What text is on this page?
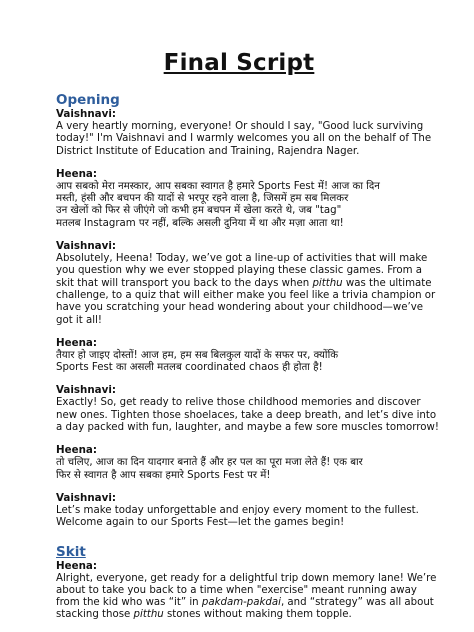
Final Script
Opening

Vaishnavi:

A very heartly morning, everyone! Or should I say, "Good luck surviving

today!" I'm Vaishnavi and I warmly welcomes you all on the behalf of The

District Institute of Education and Training, Rajendra Nager.

Heena:

आप सबको मेरा नमस्कार, आप सबका स्वागत है हमारे Sports Fest में! आज का दिन

मस्ती, हंसी और बचपन की यादों से भरपूर रहने वाला है, जिसमें हम सब मिलकर

उन खेलों को फिर से जीएंगे जो कभी हम बचपन में खेला करते थे, जब "tag"

मतलब Instagram पर नहीं, बल्कि असली दुनिया में था और मज़ा आता था!

Vaishnavi:

Absolutely, Heena! Today, we’ve got a line-up of activities that will make

you question why we ever stopped playing these classic games. From a

skit that will transport you back to the days when pitthu was the ultimate

challenge, to a quiz that will either make you feel like a trivia champion or

have you scratching your head wondering about your childhood—we’ve

got it all!

Heena:

तैयार हो जाइए दोस्तों! आज हम, हम सब बिलकुल यादों के सफर पर, क्योंकि

Sports Fest का असली मतलब coordinated chaos ही होता है!

Vaishnavi:

Exactly! So, get ready to relive those childhood memories and discover

new ones. Tighten those shoelaces, take a deep breath, and let’s dive into

a day packed with fun, laughter, and maybe a few sore muscles tomorrow!

Heena:

तो चलिए, आज का दिन यादगार बनाते हैं और हर पल का पूरा मजा लेते हैं! एक बार

फिर से स्वागत है आप सबका हमारे Sports Fest पर में!

Vaishnavi:

Let’s make today unforgettable and enjoy every moment to the fullest.

Welcome again to our Sports Fest—let the games begin!

Skit

Heena:

Alright, everyone, get ready for a delightful trip down memory lane! We’re

about to take you back to a time when "exercise" meant running away

from the kid who was “it” in pakdam-pakdai, and “strategy” was all about

stacking those pitthu stones without making them topple.
